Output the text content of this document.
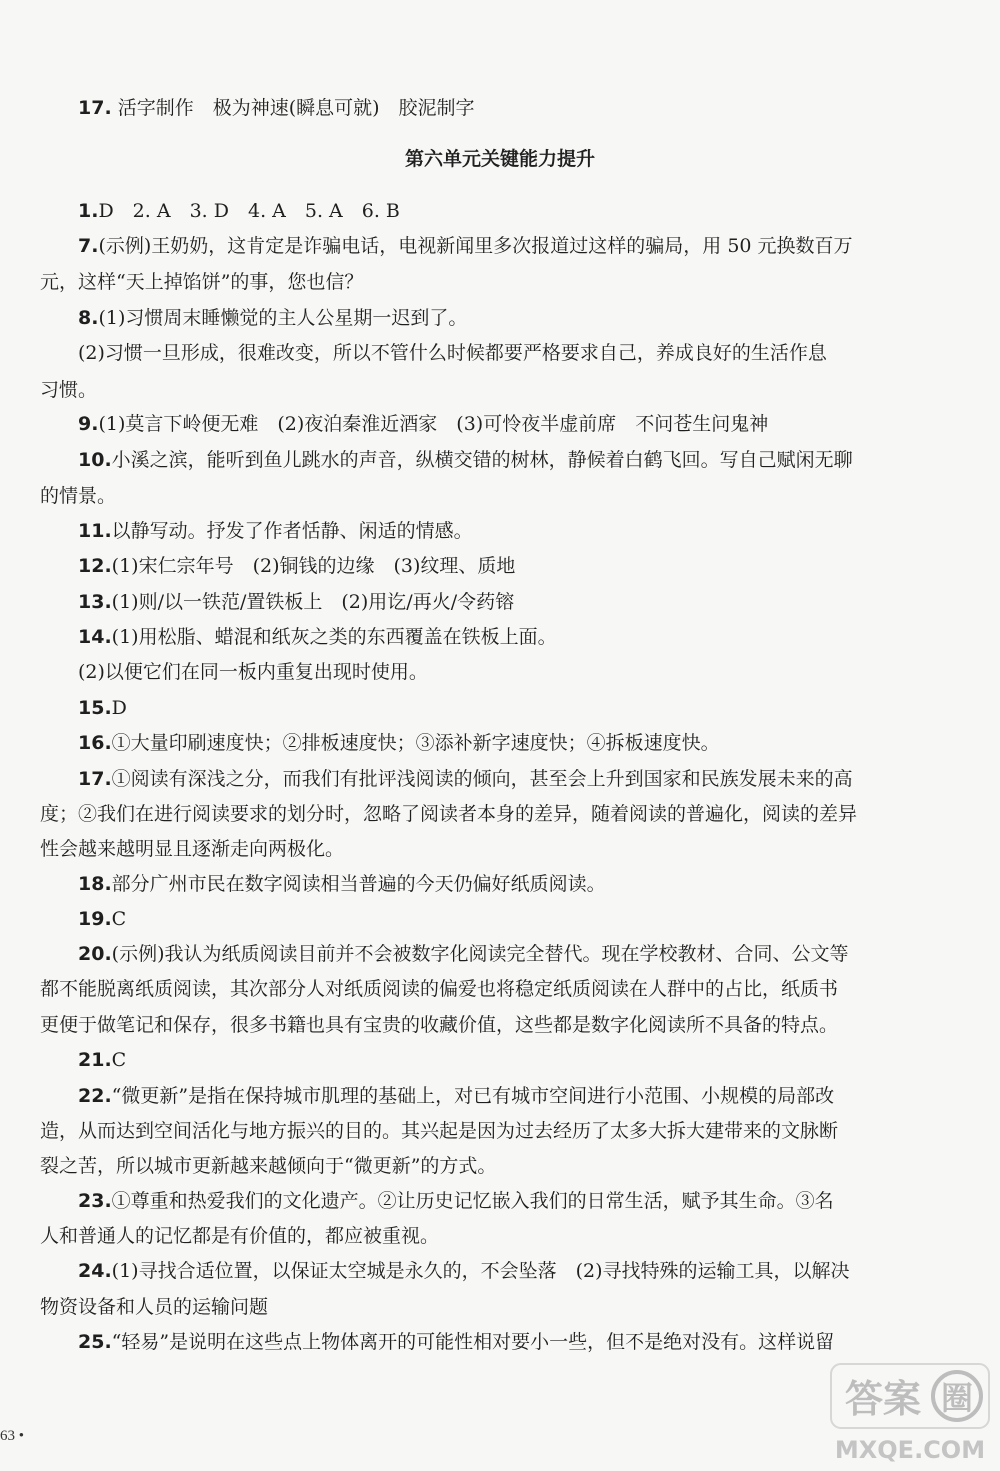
17. 活字制作　极为神速(瞬息可就)　胶泥制字
第六单元关键能力提升
1.D　2. A　3. D　4. A　5. A　6. B
7.(示例)王奶奶，这肯定是诈骗电话，电视新闻里多次报道过这样的骗局，用 50 元换数百万
元，这样“天上掉馅饼”的事，您也信？
8.(1)习惯周末睡懒觉的主人公星期一迟到了。
(2)习惯一旦形成，很难改变，所以不管什么时候都要严格要求自己，养成良好的生活作息
习惯。
9.(1)莫言下岭便无难　(2)夜泊秦淮近酒家　(3)可怜夜半虚前席　不问苍生问鬼神
10.小溪之滨，能听到鱼儿跳水的声音，纵横交错的树林，静候着白鹤飞回。写自己赋闲无聊
的情景。
11.以静写动。抒发了作者恬静、闲适的情感。
12.(1)宋仁宗年号　(2)铜钱的边缘　(3)纹理、质地
13.(1)则/以一铁范/置铁板上　(2)用讫/再火/令药镕
14.(1)用松脂、蜡混和纸灰之类的东西覆盖在铁板上面。
(2)以便它们在同一板内重复出现时使用。
15.D
16.①大量印刷速度快；②排板速度快；③添补新字速度快；④拆板速度快。
17.①阅读有深浅之分，而我们有批评浅阅读的倾向，甚至会上升到国家和民族发展未来的高
度；②我们在进行阅读要求的划分时，忽略了阅读者本身的差异，随着阅读的普遍化，阅读的差异
性会越来越明显且逐渐走向两极化。
18.部分广州市民在数字阅读相当普遍的今天仍偏好纸质阅读。
19.C
20.(示例)我认为纸质阅读目前并不会被数字化阅读完全替代。现在学校教材、合同、公文等
都不能脱离纸质阅读，其次部分人对纸质阅读的偏爱也将稳定纸质阅读在人群中的占比，纸质书
更便于做笔记和保存，很多书籍也具有宝贵的收藏价值，这些都是数字化阅读所不具备的特点。
21.C
22.“微更新”是指在保持城市肌理的基础上，对已有城市空间进行小范围、小规模的局部改
造，从而达到空间活化与地方振兴的目的。其兴起是因为过去经历了太多大拆大建带来的文脉断
裂之苦，所以城市更新越来越倾向于“微更新”的方式。
23.①尊重和热爱我们的文化遗产。②让历史记忆嵌入我们的日常生活，赋予其生命。③名
人和普通人的记忆都是有价值的，都应被重视。
24.(1)寻找合适位置，以保证太空城是永久的，不会坠落　(2)寻找特殊的运输工具，以解决
物资设备和人员的运输问题
25.“轻易”是说明在这些点上物体离开的可能性相对要小一些，但不是绝对没有。这样说留
63 •
答案 圈
MXQE.COM
